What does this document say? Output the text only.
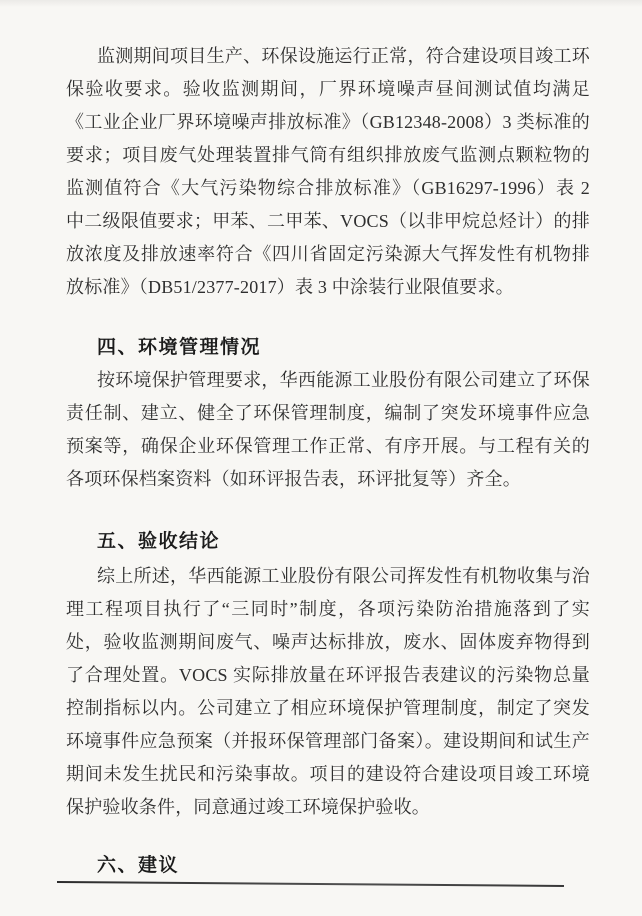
监测期间项目生产、环保设施运行正常，符合建设项目竣工环保验收要求。验收监测期间，厂界环境噪声昼间测试值均满足《工业企业厂界环境噪声排放标准》（GB12348-2008）3 类标准的要求；项目废气处理装置排气筒有组织排放废气监测点颗粒物的监测值符合《大气污染物综合排放标准》（GB16297-1996）表 2 中二级限值要求；甲苯、二甲苯、VOCS（以非甲烷总烃计）的排放浓度及排放速率符合《四川省固定污染源大气挥发性有机物排放标准》（DB51/2377-2017）表 3 中涂装行业限值要求。

四、环境管理情况

按环境保护管理要求，华西能源工业股份有限公司建立了环保责任制、建立、健全了环保管理制度，编制了突发环境事件应急预案等，确保企业环保管理工作正常、有序开展。与工程有关的各项环保档案资料（如环评报告表，环评批复等）齐全。

五、验收结论

综上所述，华西能源工业股份有限公司挥发性有机物收集与治理工程项目执行了“三同时”制度，各项污染防治措施落到了实处，验收监测期间废气、噪声达标排放，废水、固体废弃物得到了合理处置。VOCS 实际排放量在环评报告表建议的污染物总量控制指标以内。公司建立了相应环境保护管理制度，制定了突发环境事件应急预案（并报环保管理部门备案）。建设期间和试生产期间未发生扰民和污染事故。项目的建设符合建设项目竣工环境保护验收条件，同意通过竣工环境保护验收。

六、建议
